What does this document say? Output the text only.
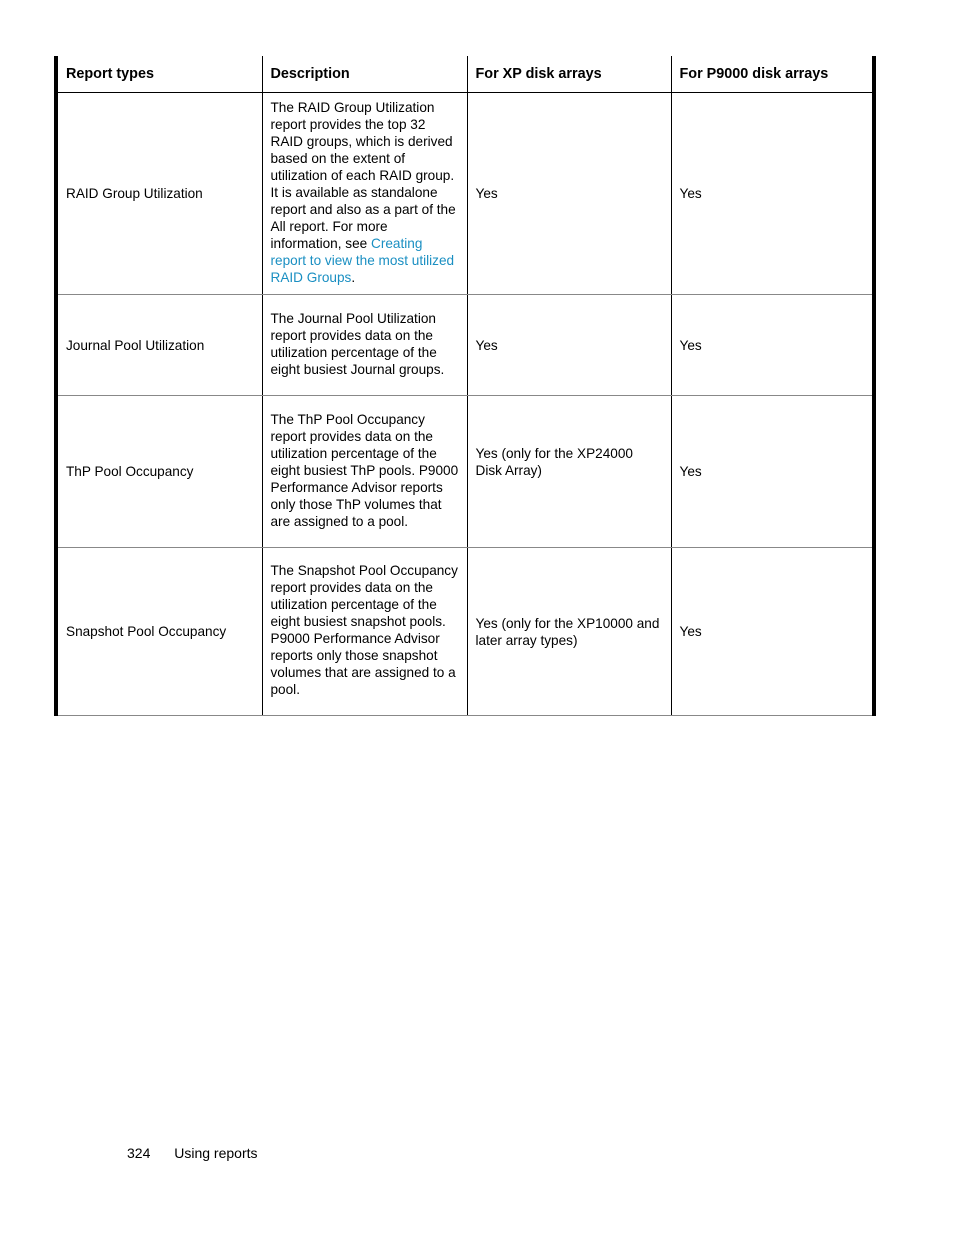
Report types	Description	For XP disk arrays	For P9000 disk arrays
RAID Group Utilization	The RAID Group Utilization report provides the top 32 RAID groups, which is derived based on the extent of utilization of each RAID group. It is available as standalone report and also as a part of the All report. For more information, see Creating report to view the most utilized RAID Groups.	Yes	Yes
Journal Pool Utilization	The Journal Pool Utilization report provides data on the utilization percentage of the eight busiest Journal groups.	Yes	Yes
ThP Pool Occupancy	The ThP Pool Occupancy report provides data on the utilization percentage of the eight busiest ThP pools. P9000 Performance Advisor reports only those ThP volumes that are assigned to a pool.	Yes (only for the XP24000 Disk Array)	Yes
Snapshot Pool Occupancy	The Snapshot Pool Occupancy report provides data on the utilization percentage of the eight busiest snapshot pools. P9000 Performance Advisor reports only those snapshot volumes that are assigned to a pool.	Yes (only for the XP10000 and later array types)	Yes
324 Using reports
